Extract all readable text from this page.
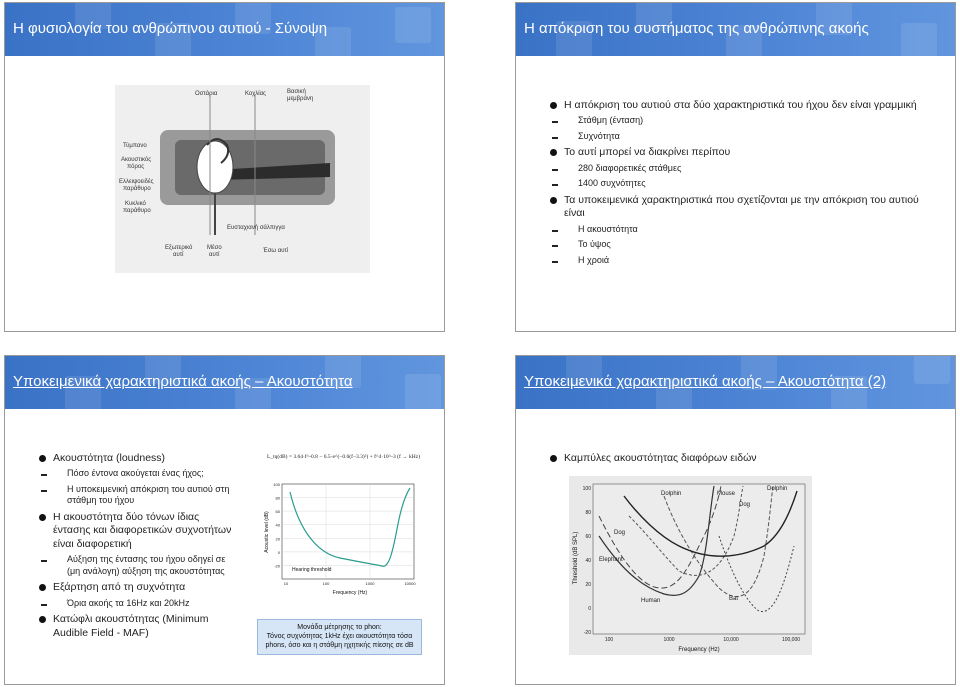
Η φυσιολογία του ανθρώπινου αυτιού - Σύνοψη
Οστάρια	Κοχλίας	Βασική
μεμβράνη
Τύμπανο
Ακουστικός
πόρος
Ελλειψοειδές
παράθυρο
Κυκλικό
παράθυρο
Ευσταχιανή σάλπιγγα
Εξωτερικό
αυτί
Μέσο
αυτί
Έσω αυτί
Η απόκριση του συστήματος της ανθρώπινης ακοής
Η απόκριση του αυτιού στα δύο χαρακτηριστικά του ήχου δεν είναι γραμμική
Στάθμη (ένταση)
Συχνότητα
Το αυτί μπορεί να διακρίνει περίπου
280 διαφορετικές στάθμες
1400 συχνότητες
Τα υποκειμενικά χαρακτηριστικά που σχετίζονται με την απόκριση του αυτιού είναι
Η ακουστότητα
Το ύψος
Η χροιά
Υποκειμενικά χαρακτηριστικά ακοής – Ακουστότητα
Ακουστότητα (loudness)
Πόσο έντονα ακούγεται ένας ήχος;
Η υποκειμενική απόκριση του αυτιού στη στάθμη του ήχου
Η ακουστότητα δύο τόνων ίδιας έντασης και διαφορετικών συχνοτήτων είναι διαφορετική
Αύξηση της έντασης του ήχου οδηγεί σε (μη ανάλογη) αύξηση της ακουστότητας
Εξάρτηση από τη συχνότητα
Όρια ακοής τα 16Hz και 20kHz
Κατώφλι ακουστότητας (Minimum Audible Field - MAF)
L_tq(dB) = 3.64·f^-0.8 − 6.5·e^(−0.6(f−3.3)²) + f^4·10^-3 (f → kHz)
100
80
60
40
20
0
-20
10	100	1000	10000
Frequency (Hz)
Acoustic level (dB)
Hearing threshold
Μονάδα μέτρησης το phon:
Τόνος συχνότητας 1kHz έχει ακουστότητα τόσα
phons, όσο και η στάθμη ηχητικής πίεσης σε dB
Υποκειμενικά χαρακτηριστικά ακοής – Ακουστότητα (2)
Καμπύλες ακουστότητας διαφόρων ειδών
Dolphin	Mouse
Dolphin
Dog
Dog
Elephant
Human	Bat
100
80
60
40
20
0
-20
100	1000	10,000	100,000
Frequency (Hz)
Threshold (dB SPL)
